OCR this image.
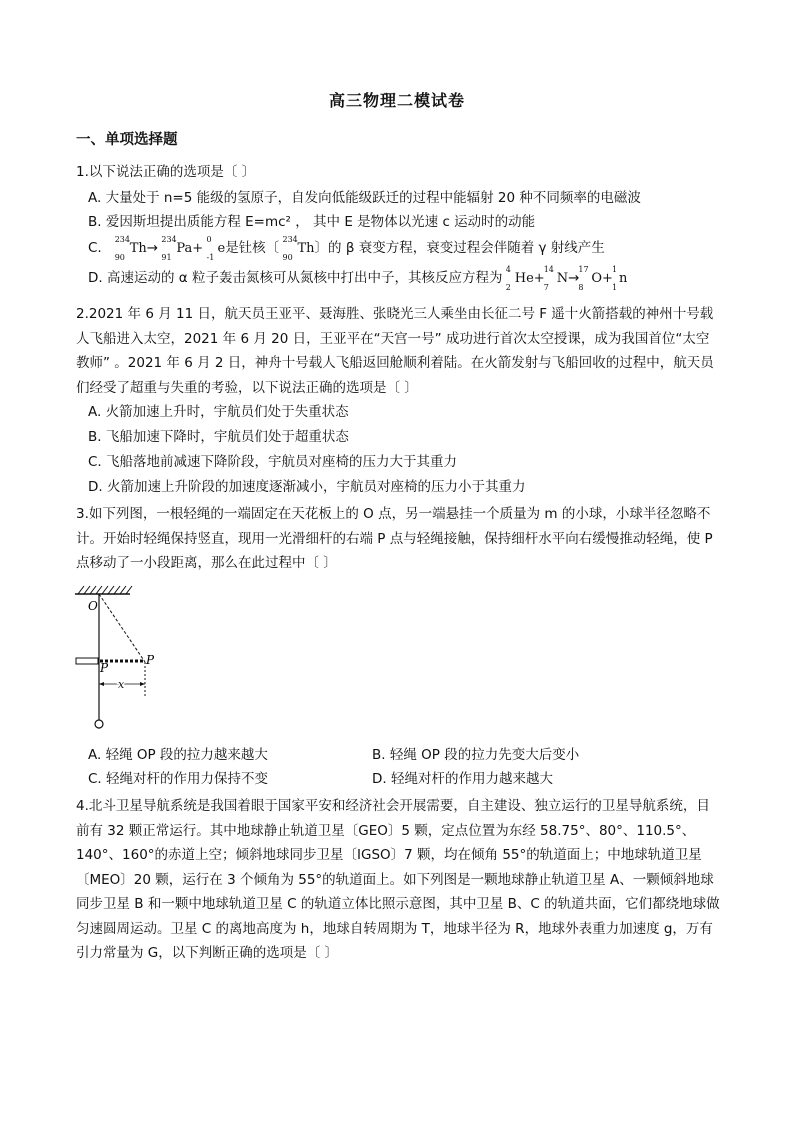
高三物理二模试卷
一、单项选择题
1.以下说法正确的选项是〔 〕
A. 大量处于 n=5 能级的氢原子，自发向低能级跃迁的过程中能辐射 20 种不同频率的电磁波
B. 爱因斯坦提出质能方程 E=mc² ， 其中 E 是物体以光速 c 运动时的动能
C.
234
90
Th→
234
91
Pa+
0
-1
e是钍核〔
234
90
Th〕的 β 衰变方程，衰变过程会伴随着 γ 射线产生
D. 高速运动的 α 粒子轰击氮核可从氮核中打出中子，其核反应方程为
4
2
He+
14
7
N→
17
8
O+
1
1
n
2.2021 年 6 月 11 日，航天员王亚平、聂海胜、张晓光三人乘坐由长征二号 F 遥十火箭搭载的神州十号载人飞船进入太空，2021 年 6 月 20 日，王亚平在“天宫一号” 成功进行首次太空授课，成为我国首位“太空教师” 。2021 年 6 月 2 日，神舟十号载人飞船返回舱顺利着陆。在火箭发射与飞船回收的过程中，航天员们经受了超重与失重的考验，以下说法正确的选项是〔 〕
A. 火箭加速上升时，宇航员们处于失重状态
B. 飞船加速下降时，宇航员们处于超重状态
C. 飞船落地前减速下降阶段，宇航员对座椅的压力大于其重力
D. 火箭加速上升阶段的加速度逐渐减小，宇航员对座椅的压力小于其重力
3.如下列图，一根轻绳的一端固定在天花板上的 O 点，另一端悬挂一个质量为 m 的小球，小球半径忽略不计。开始时轻绳保持竖直，现用一光滑细杆的右端 P 点与轻绳接触，保持细杆水平向右缓慢推动轻绳，使 P 点移动了一小段距离，那么在此过程中〔 〕
O
P
P
x
A. 轻绳 OP 段的拉力越来越大	B. 轻绳 OP 段的拉力先变大后变小
C. 轻绳对杆的作用力保持不变	D. 轻绳对杆的作用力越来越大
4.北斗卫星导航系统是我国着眼于国家平安和经济社会开展需要，自主建设、独立运行的卫星导航系统，目前有 32 颗正常运行。其中地球静止轨道卫星〔GEO〕5 颗，定点位置为东经 58.75°、80°、110.5°、140°、160°的赤道上空；倾斜地球同步卫星〔IGSO〕7 颗，均在倾角 55°的轨道面上；中地球轨道卫星〔MEO〕20 颗，运行在 3 个倾角为 55°的轨道面上。如下列图是一颗地球静止轨道卫星 A、一颗倾斜地球同步卫星 B 和一颗中地球轨道卫星 C 的轨道立体比照示意图，其中卫星 B、C 的轨道共面，它们都绕地球做匀速圆周运动。卫星 C 的离地高度为 h，地球自转周期为 T，地球半径为 R，地球外表重力加速度 g，万有引力常量为 G，以下判断正确的选项是〔 〕
